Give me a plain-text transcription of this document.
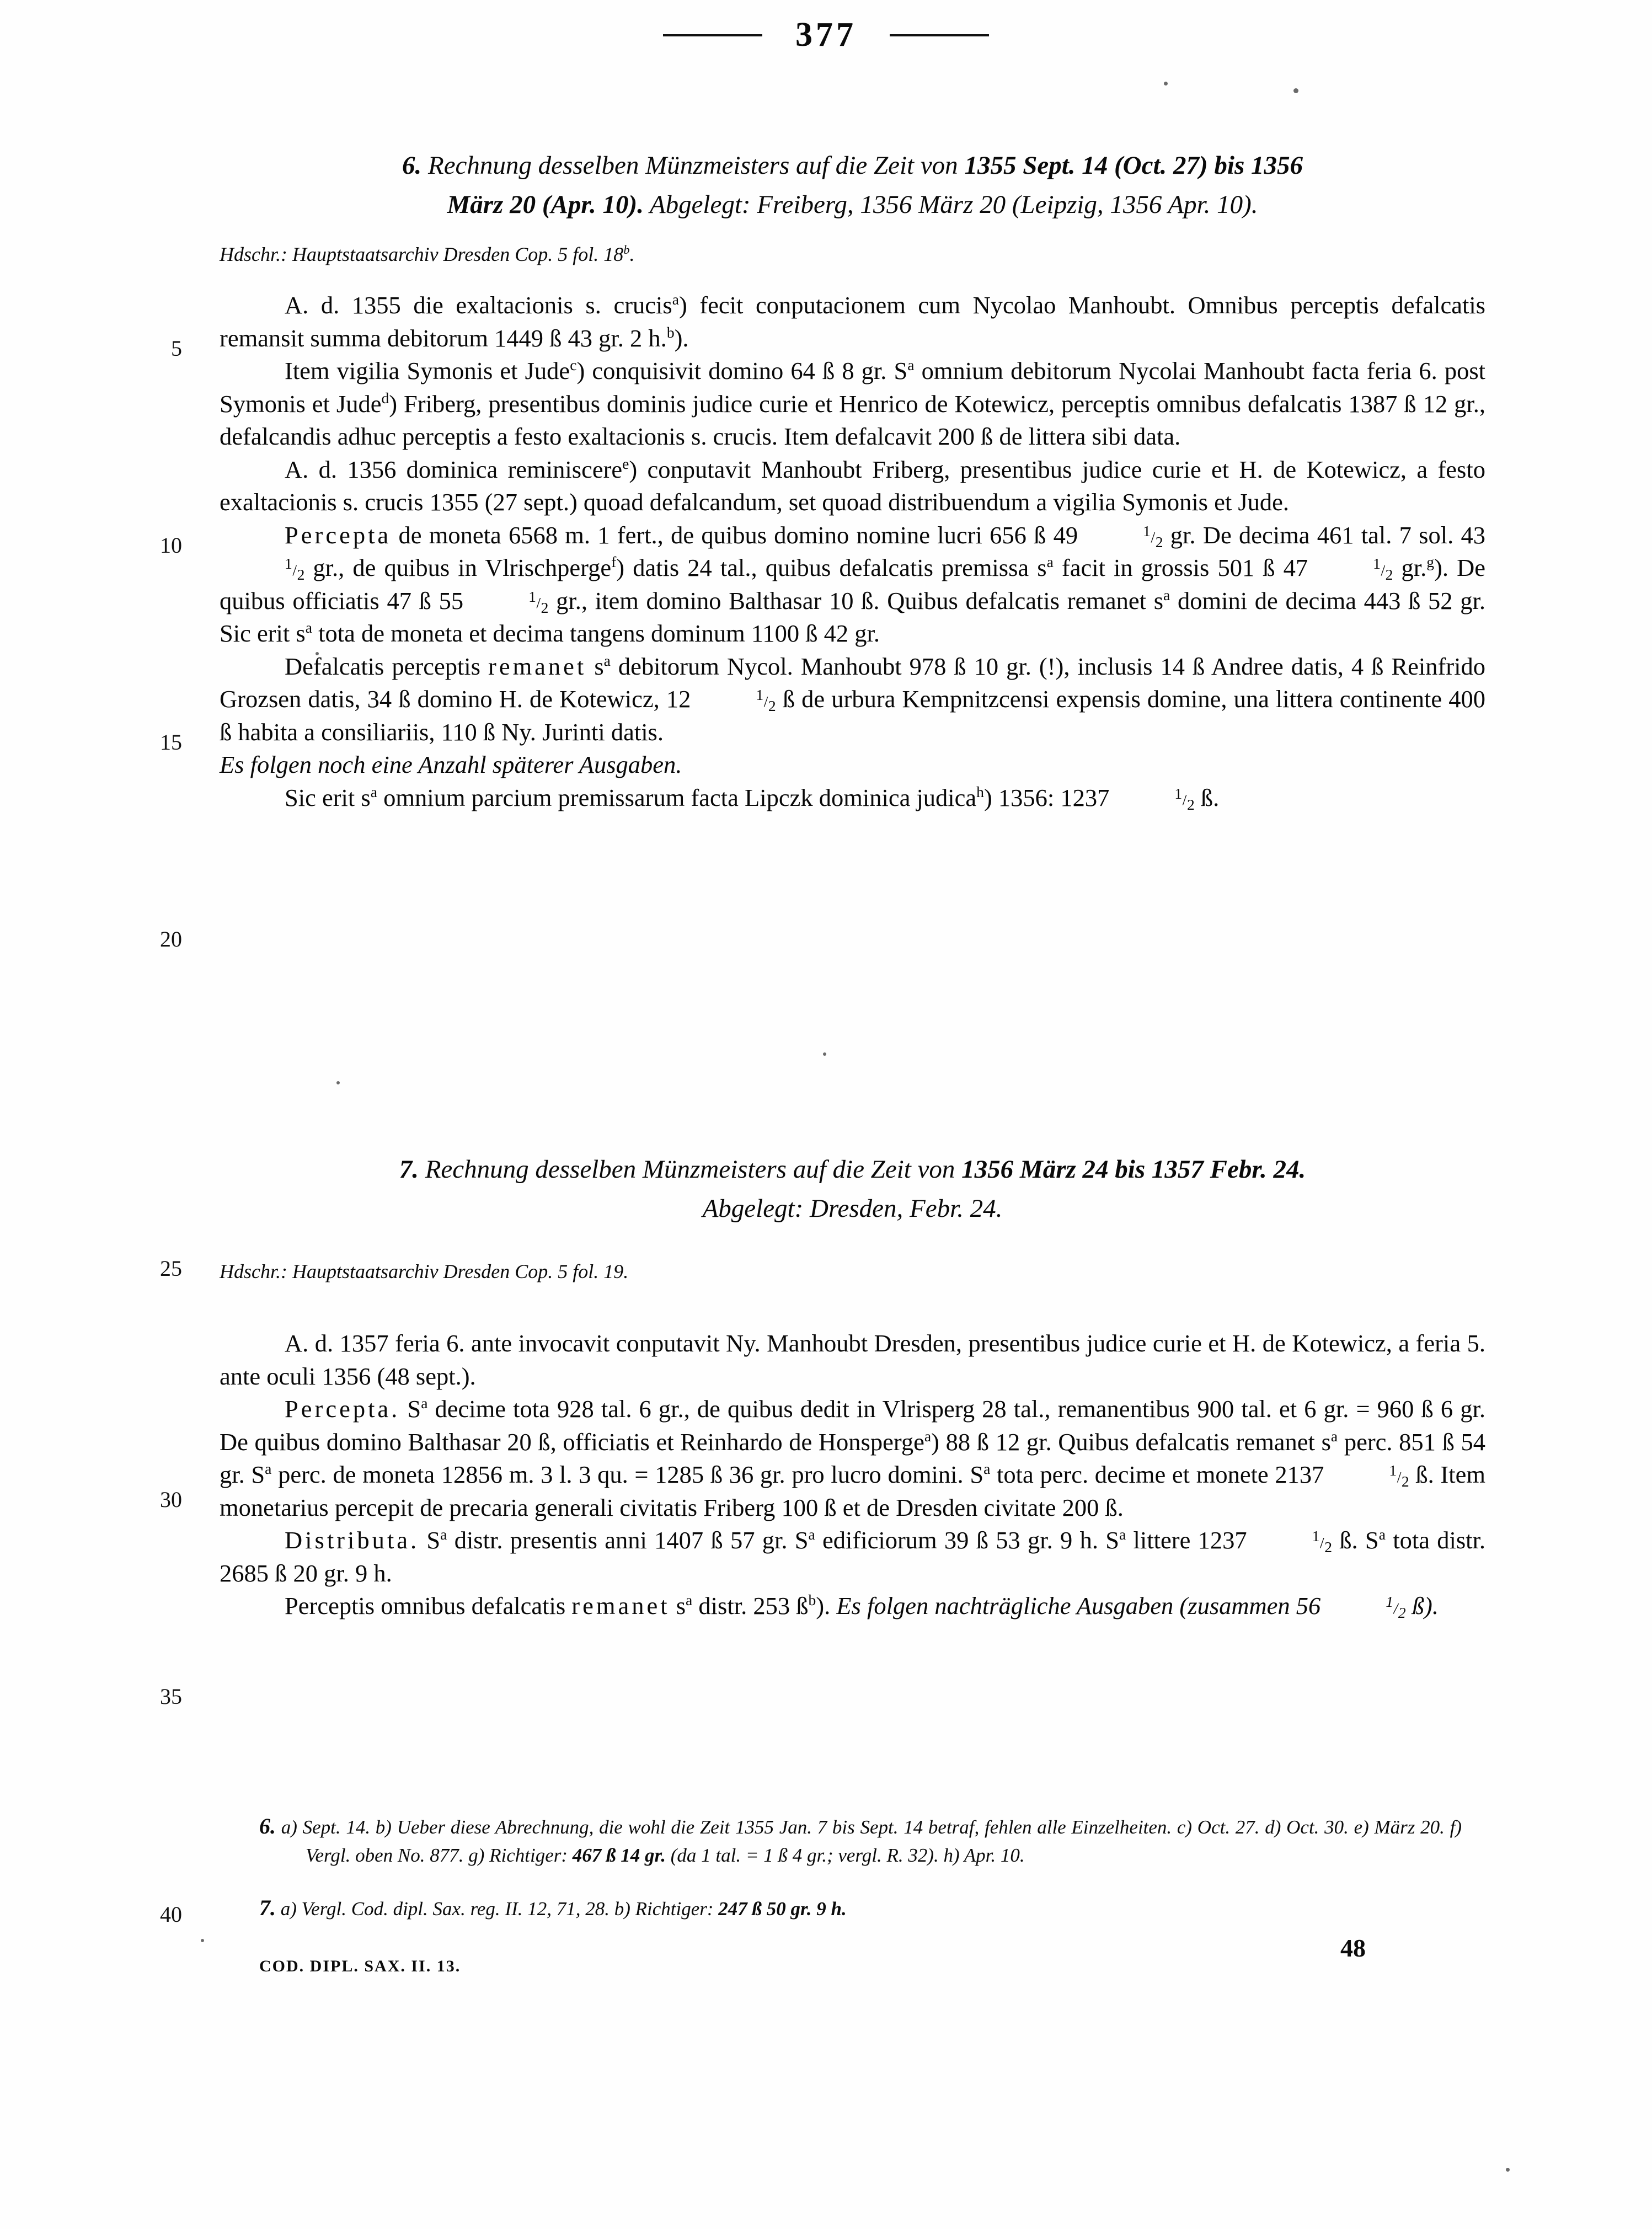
377
6. Rechnung desselben Münzmeisters auf die Zeit von 1355 Sept. 14 (Oct. 27) bis 1356
März 20 (Apr. 10). Abgelegt: Freiberg, 1356 März 20 (Leipzig, 1356 Apr. 10).
Hdschr.: Hauptstaatsarchiv Dresden Cop. 5 fol. 18$^b$.

A. d. 1355 die exaltacionis s. crucis$^a$) fecit conputacionem cum Nycolao Manhoubt. Omnibus perceptis defalcatis remansit summa debitorum 1449 ß 43 gr. 2 h.$^b$).

Item vigilia Symonis et Jude$^c$) conquisivit domino 64 ß 8 gr. $S^a$ omnium debitorum Nycolai Manhoubt facta feria 6. post Symonis et Jude$^d$) Friberg, presentibus dominis judice curie et Henrico de Kotewicz, perceptis omnibus defalcatis 1387 ß 12 gr., defalcandis adhuc perceptis a festo exaltacionis s. crucis. Item defalcavit 200 ß de littera sibi data.

A. d. 1356 dominica reminiscere$^e$) conputavit Manhoubt Friberg, presentibus judice curie et H. de Kotewicz, a festo exaltacionis s. crucis 1355 (27 sept.) quoad defalcandum, set quoad distribuendum a vigilia Symonis et Jude.

Percepta de moneta 6568 m. 1 fert., de quibus domino nomine lucri 656 ß 49	1/2 gr. De decima 461 tal. 7 sol. 431/2 gr., de quibus in Vlrischperge$^f$) datis 24 tal., quibus defalcatis premissa $s^a$ facit in grossis 501 ß 47	1/2 gr.$^g$). De quibus officiatis 47 ß 55	1/2 gr., item domino Balthasar 10 ß. Quibus defalcatis remanet $s^a$ domini de decima 443 ß 52 gr. Sic erit $s^a$ tota de moneta et decima tangens dominum 1100 ß 42 gr.

Defalcatis perceptis remanet $s^a$ debitorum Nycol. Manhoubt 978 ß 10 gr. (!), inclusis 14 ß Andree datis, 4 ß Reinfrido Grozsen datis, 34 ß domino H. de Kotewicz, 12	1/2 ß de urbura Kempnitzcensi expensis domine, una littera continente 400 ß habita a consiliariis, 110 ß Ny. Jurinti datis.

Es folgen noch eine Anzahl späterer Ausgaben.

Sic erit $s^a$ omnium parcium premissarum facta Lipczk dominica judica$^h$) 1356: 1237	1/2 ß.

7. Rechnung desselben Münzmeisters auf die Zeit von 1356 März 24 bis 1357 Febr. 24.
Abgelegt: Dresden, Febr. 24.
Hdschr.: Hauptstaatsarchiv Dresden Cop. 5 fol. 19.

A. d. 1357 feria 6. ante invocavit conputavit Ny. Manhoubt Dresden, presentibus judice curie et H. de Kotewicz, a feria 5. ante oculi 1356 (48 sept.).

Percepta. $S^a$ decime tota 928 tal. 6 gr., de quibus dedit in Vlrisperg 28 tal., remanentibus 900 tal. et 6 gr. = 960 ß 6 gr. De quibus domino Balthasar 20 ß, officiatis et Reinhardo de Honsperge$^a$) 88 ß 12 gr. Quibus defalcatis remanet $s^a$ perc. 851 ß 54 gr. $S^a$ perc. de moneta 12856 m. 3 l. 3 qu. = 1285 ß 36 gr. pro lucro domini. $S^a$ tota perc. decime et monete 2137	1/2 ß. Item monetarius percepit de precaria generali civitatis Friberg 100 ß et de Dresden civitate 200 ß.

Distributa. $S^a$ distr. presentis anni 1407 ß 57 gr. $S^a$ edificiorum 39 ß 53 gr. 9 h. $S^a$ littere 1237	1/2 ß. $S^a$ tota distr. 2685 ß 20 gr. 9 h.

Perceptis omnibus defalcatis remanet $s^a$ distr. 253 ß$^b$). Es folgen nachträgliche Ausgaben (zusammen 56	1/2 ß).

6. a) Sept. 14. b) Ueber diese Abrechnung, die wohl die Zeit 1355 Jan. 7 bis Sept. 14 betraf, fehlen alle Einzelheiten. c) Oct. 27. d) Oct. 30. e) März 20. f) Vergl. oben No. 877. g) Richtiger: 467 ß 14 gr. (da 1 tal. = 1 ß 4 gr.; vergl. R. 32). h) Apr. 10.

7. a) Vergl. Cod. dipl. Sax. reg. II. 12, 71, 28. b) Richtiger: 247 ß 50 gr. 9 h.

COD. DIPL. SAX. II. 13.
48
5
10
15
20
25
30
35
40
